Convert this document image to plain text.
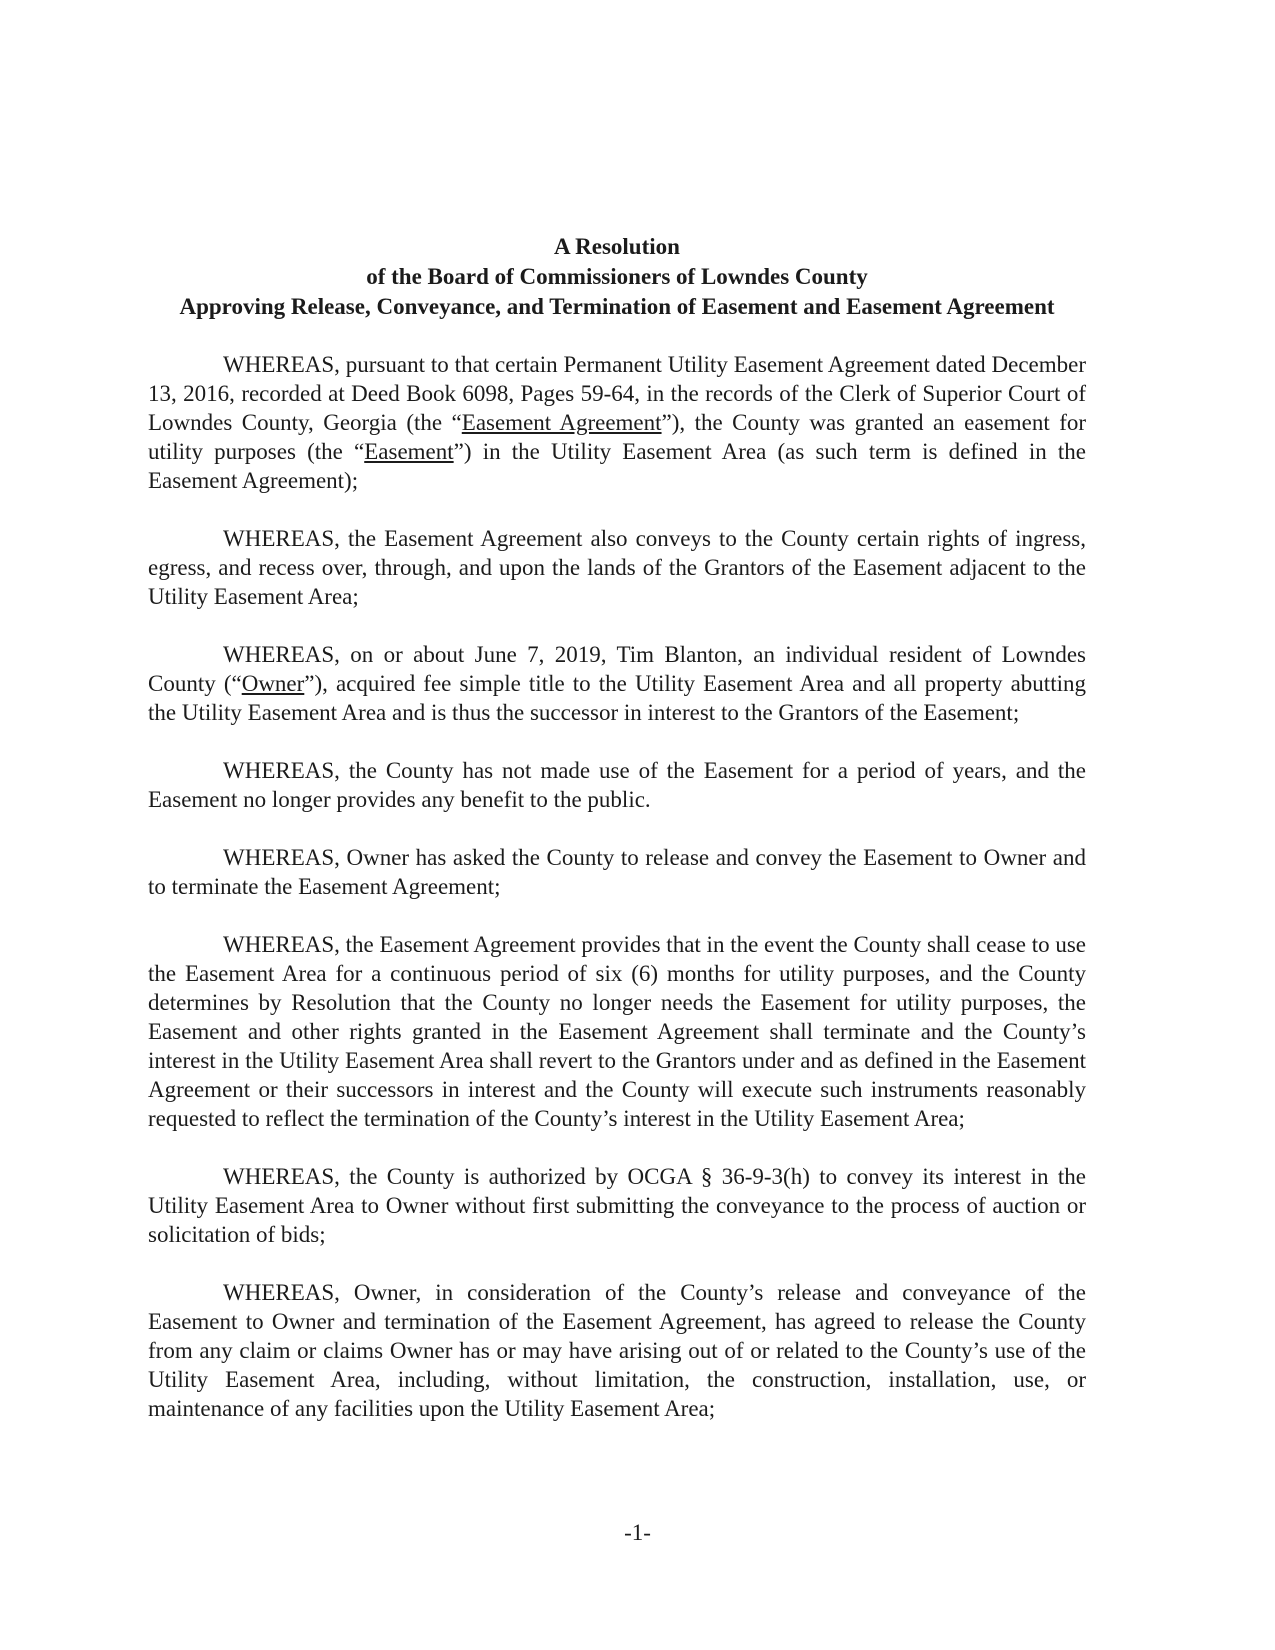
A Resolution
of the Board of Commissioners of Lowndes County
Approving Release, Conveyance, and Termination of Easement and Easement Agreement

WHEREAS, pursuant to that certain Permanent Utility Easement Agreement dated December 13, 2016, recorded at Deed Book 6098, Pages 59-64, in the records of the Clerk of Superior Court of Lowndes County, Georgia (the “Easement Agreement”), the County was granted an easement for utility purposes (the “Easement”) in the Utility Easement Area (as such term is defined in the Easement Agreement);

WHEREAS, the Easement Agreement also conveys to the County certain rights of ingress, egress, and recess over, through, and upon the lands of the Grantors of the Easement adjacent to the Utility Easement Area;

WHEREAS, on or about June 7, 2019, Tim Blanton, an individual resident of Lowndes County (“Owner”), acquired fee simple title to the Utility Easement Area and all property abutting the Utility Easement Area and is thus the successor in interest to the Grantors of the Easement;

WHEREAS, the County has not made use of the Easement for a period of years, and the Easement no longer provides any benefit to the public.

WHEREAS, Owner has asked the County to release and convey the Easement to Owner and to terminate the Easement Agreement;

WHEREAS, the Easement Agreement provides that in the event the County shall cease to use the Easement Area for a continuous period of six (6) months for utility purposes, and the County determines by Resolution that the County no longer needs the Easement for utility purposes, the Easement and other rights granted in the Easement Agreement shall terminate and the County’s interest in the Utility Easement Area shall revert to the Grantors under and as defined in the Easement Agreement or their successors in interest and the County will execute such instruments reasonably requested to reflect the termination of the County’s interest in the Utility Easement Area;

WHEREAS, the County is authorized by OCGA § 36-9-3(h) to convey its interest in the Utility Easement Area to Owner without first submitting the conveyance to the process of auction or solicitation of bids;

WHEREAS, Owner, in consideration of the County’s release and conveyance of the Easement to Owner and termination of the Easement Agreement, has agreed to release the County from any claim or claims Owner has or may have arising out of or related to the County’s use of the Utility Easement Area, including, without limitation, the construction, installation, use, or maintenance of any facilities upon the Utility Easement Area;

-1-
